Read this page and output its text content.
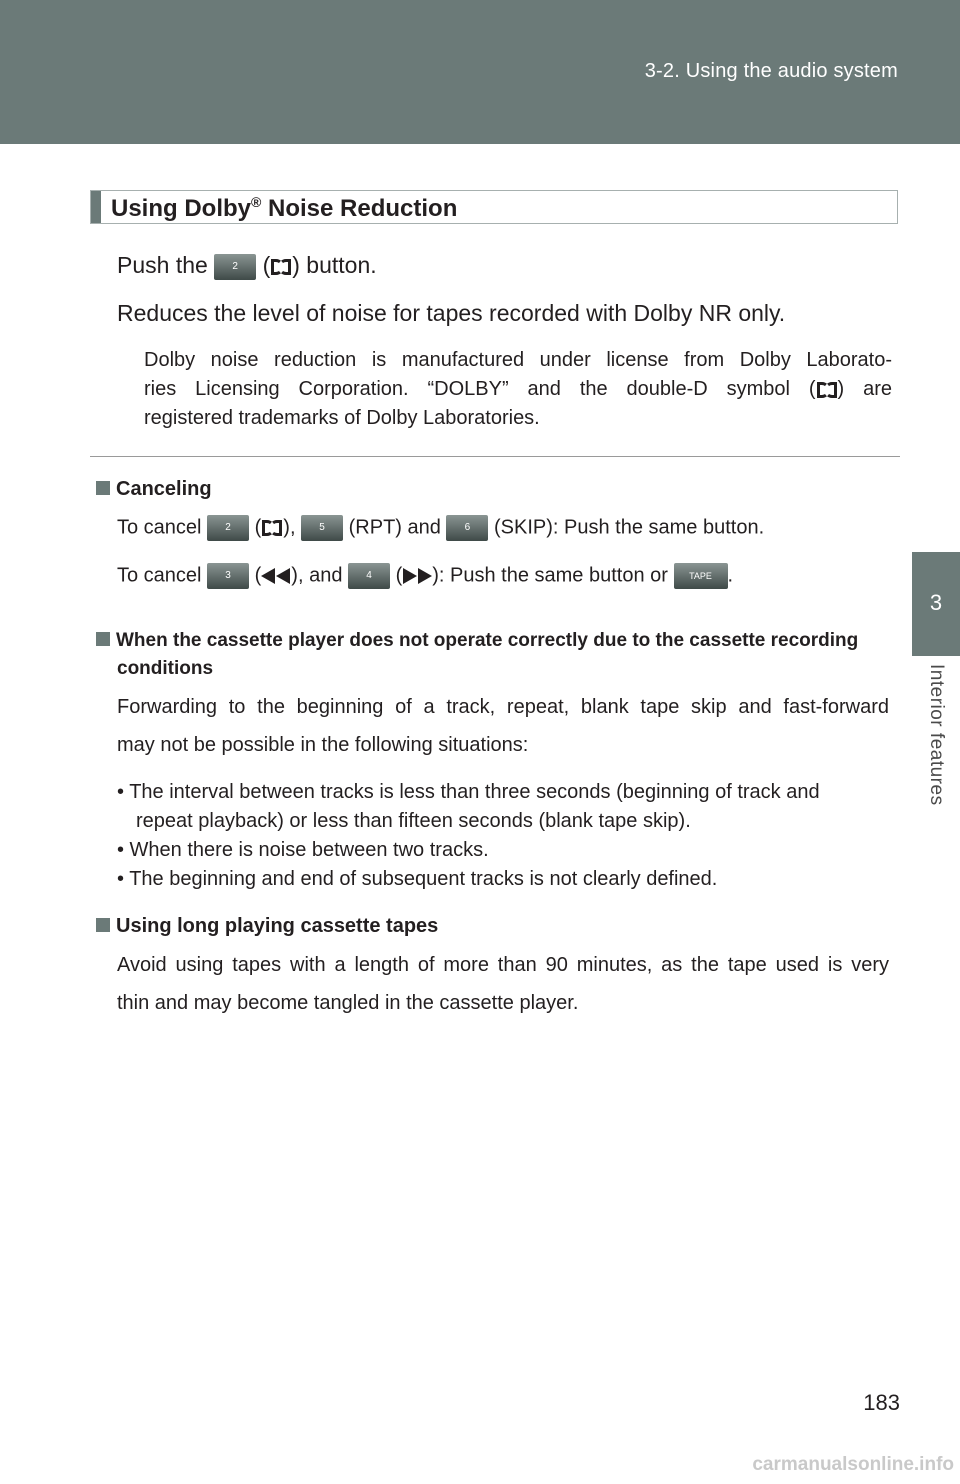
3-2. Using the audio system
3
Interior features
Using Dolby® Noise Reduction
Push the 2 ( ) button.
Reduces the level of noise for tapes recorded with Dolby NR only.
Dolby noise reduction is manufactured under license from Dolby Laborato-
ries Licensing Corporation. “DOLBY” and the double-D symbol ( ) are
registered trademarks of Dolby Laboratories.
Canceling
To cancel 2 ( ), 5 (RPT) and 6 (SKIP): Push the same button.
To cancel 3 ( ), and 4 ( ): Push the same button or TAPE .
When the cassette player does not operate correctly due to the cassette recording
conditions
Forwarding to the beginning of a track, repeat, blank tape skip and fast-forward
may not be possible in the following situations:
• The interval between tracks is less than three seconds (beginning of track and
repeat playback) or less than fifteen seconds (blank tape skip).
• When there is noise between two tracks.
• The beginning and end of subsequent tracks is not clearly defined.
Using long playing cassette tapes
Avoid using tapes with a length of more than 90 minutes, as the tape used is very
thin and may become tangled in the cassette player.
183
carmanualsonline.info
